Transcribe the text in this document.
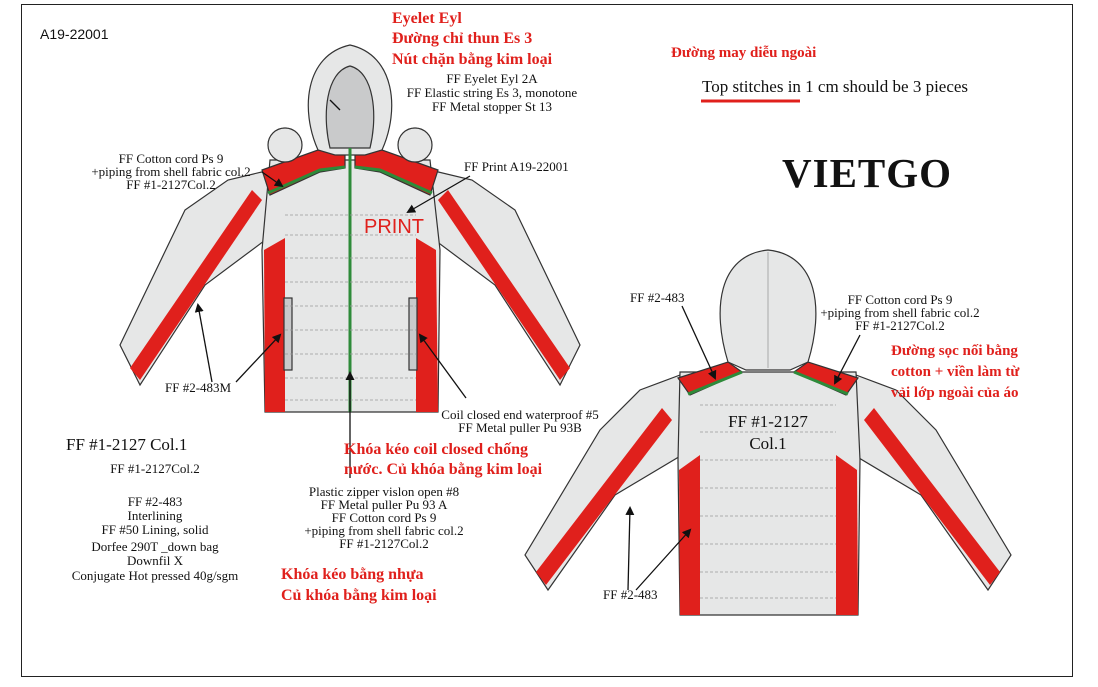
A19-22001
Eyelet Eyl
Đường chỉ thun Es 3
Nút chặn bằng kim loại
FF Eyelet Eyl 2A
FF Elastic string Es 3, monotone
FF Metal stopper St 13
Đường may diễu ngoài
Top stitches in 1 cm should be 3 pieces
VIETGO
FF Cotton cord Ps 9
+piping from shell fabric col.2
FF #1-2127Col.2
FF Print A19-22001
PRINT
FF #2-483M
Coil closed end waterproof #5
FF Metal puller Pu 93B
Khóa kéo coil closed chống
nước. Củ khóa bằng kim loại
Plastic zipper vislon open #8
FF Metal puller Pu 93 A
FF Cotton cord Ps 9
+piping from shell fabric col.2
FF #1-2127Col.2
Khóa kéo bằng nhựa
Củ khóa bằng kim loại
FF #1-2127 Col.1
FF #1-2127Col.2
FF #2-483
Interlining
FF #50 Lining, solid
Dorfee 290T _down bag
Downfil X
Conjugate Hot pressed 40g/sgm
FF #2-483	FF Cotton cord Ps 9
+piping from shell fabric col.2
FF #1-2127Col.2
Đường sọc nối bằng
cotton + viền làm từ
vải lớp ngoài của áo
FF #1-2127
Col.1
FF #2-483
